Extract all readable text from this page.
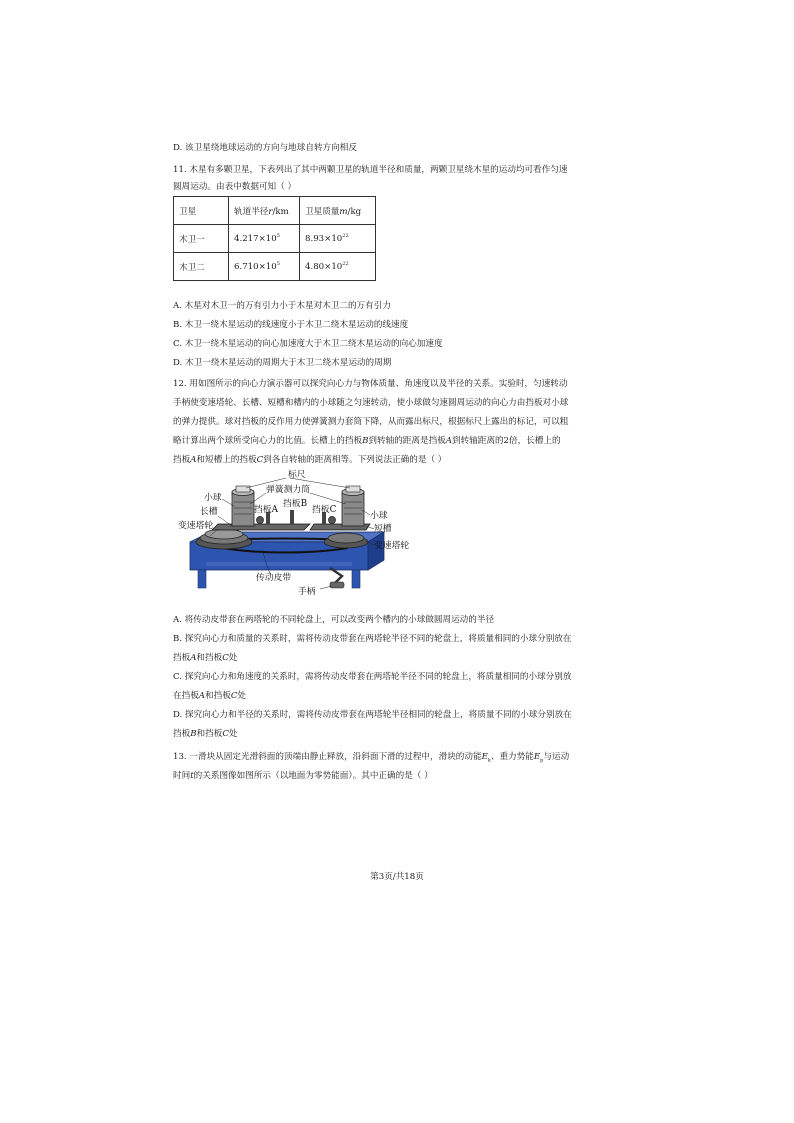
D. 该卫星绕地球运动的方向与地球自转方向相反
11. 木星有多颗卫星，下表列出了其中两颗卫星的轨道半径和质量，两颗卫星绕木星的运动均可看作匀速
圆周运动。由表中数据可知（ ）
卫星	轨道半径r/km	卫星质量m/kg
木卫一	$4.217\times 10^5$	$8.93\times 10^{22}$
木卫二	$6.710\times 10^5$	$4.80\times 10^{22}$
A. 木星对木卫一的万有引力小于木星对木卫二的万有引力
B. 木卫一绕木星运动的线速度小于木卫二绕木星运动的线速度
C. 木卫一绕木星运动的向心加速度大于木卫二绕木星运动的向心加速度
D. 木卫一绕木星运动的周期大于木卫二绕木星运动的周期
12. 用如图所示的向心力演示器可以探究向心力与物体质量、角速度以及半径的关系。实验时，匀速转动
手柄使变速塔轮、长槽、短槽和槽内的小球随之匀速转动，使小球做匀速圆周运动的向心力由挡板对小球
的弹力提供。球对挡板的反作用力使弹簧测力套筒下降，从而露出标尺，根据标尺上露出的标记，可以粗
略计算出两个球所受向心力的比值。长槽上的挡板B到转轴的距离是挡板A到转轴距离的2倍，长槽上的
挡板A和短槽上的挡板C到各自转轴的距离相等。下列说法正确的是（ ）
标尺
弹簧测力筒
小球
挡板B
长槽	挡板A	挡板C
小球
变速塔轮	短槽
变速塔轮
传动皮带
手柄
A. 将传动皮带套在两塔轮的不同轮盘上，可以改变两个槽内的小球做圆周运动的半径
B. 探究向心力和质量的关系时，需将传动皮带套在两塔轮半径不同的轮盘上，将质量相同的小球分别放在
挡板A和挡板C处
C. 探究向心力和角速度的关系时，需将传动皮带套在两塔轮半径不同的轮盘上，将质量相同的小球分别放
在挡板A和挡板C处
D. 探究向心力和半径的关系时，需将传动皮带套在两塔轮半径相同的轮盘上，将质量不同的小球分别放在
挡板B和挡板C处
13. 一滑块从固定光滑斜面的顶端由静止释放，沿斜面下滑的过程中，滑块的动能$E_k$、重力势能$E_p$与运动
时间t的关系图像如图所示（以地面为零势能面）。其中正确的是（ ）
第3页/共18页
